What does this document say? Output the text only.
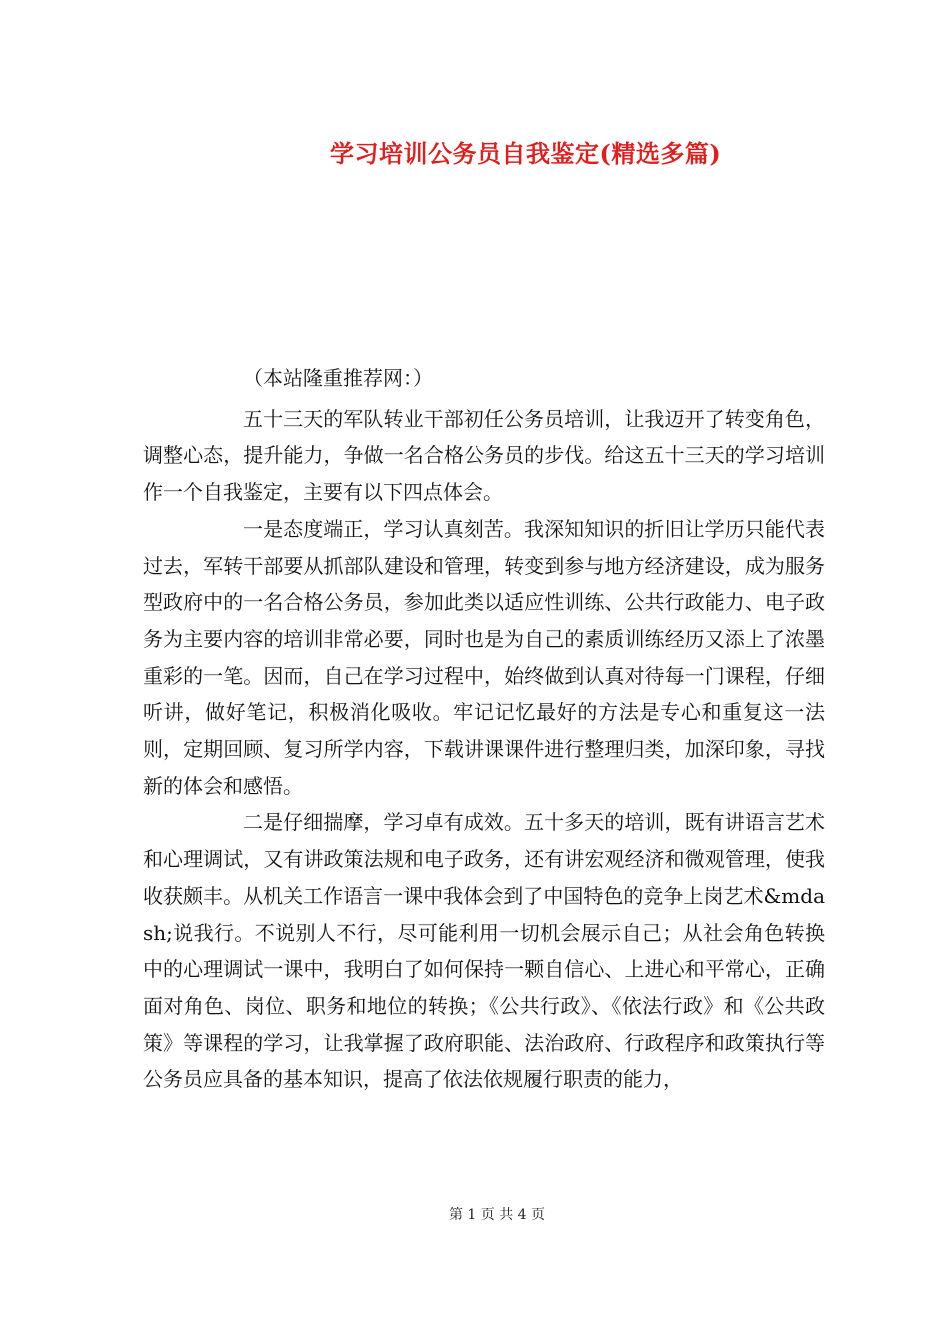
学习培训公务员自我鉴定(精选多篇)

（本站隆重推荐网：）

五十三天的军队转业干部初任公务员培训，让我迈开了转变角色，调整心态，提升能力，争做一名合格公务员的步伐。给这五十三天的学习培训作一个自我鉴定，主要有以下四点体会。

一是态度端正，学习认真刻苦。我深知知识的折旧让学历只能代表过去，军转干部要从抓部队建设和管理，转变到参与地方经济建设，成为服务型政府中的一名合格公务员，参加此类以适应性训练、公共行政能力、电子政务为主要内容的培训非常必要，同时也是为自己的素质训练经历又添上了浓墨重彩的一笔。因而，自己在学习过程中，始终做到认真对待每一门课程，仔细听讲，做好笔记，积极消化吸收。牢记记忆最好的方法是专心和重复这一法则，定期回顾、复习所学内容，下载讲课课件进行整理归类，加深印象，寻找新的体会和感悟。

二是仔细揣摩，学习卓有成效。五十多天的培训，既有讲语言艺术和心理调试，又有讲政策法规和电子政务，还有讲宏观经济和微观管理，使我收获颇丰。从机关工作语言一课中我体会到了中国特色的竞争上岗艺术&mdash;说我行。不说别人不行，尽可能利用一切机会展示自己；从社会角色转换中的心理调试一课中，我明白了如何保持一颗自信心、上进心和平常心，正确面对角色、岗位、职务和地位的转换；《公共行政》、《依法行政》和《公共政策》等课程的学习，让我掌握了政府职能、法治政府、行政程序和政策执行等公务员应具备的基本知识，提高了依法依规履行职责的能力，

第 1 页 共 4 页
